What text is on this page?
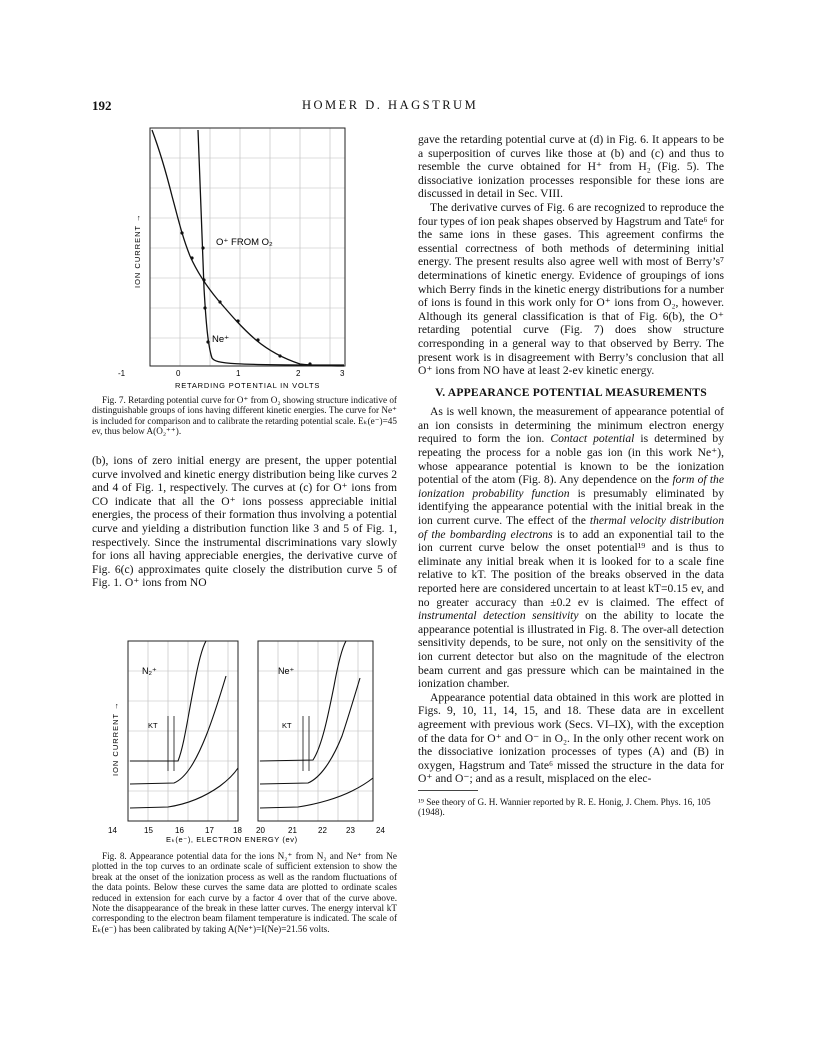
192	HOMER D. HAGSTRUM
O⁺ FROM O₂
Ne⁺
ION CURRENT →
-1	0	1	2	3
RETARDING POTENTIAL IN VOLTS

Fig. 7. Retarding potential curve for O⁺ from O₂ showing structure indicative of distinguishable groups of ions having different kinetic energies. The curve for Ne⁺ is included for comparison and to calibrate the retarding potential scale. Eₖ(e⁻)=45 ev, thus below A(O₂⁺⁺).

(b), ions of zero initial energy are present, the upper potential curve involved and kinetic energy distribution being like curves 2 and 4 of Fig. 1, respectively. The curves at (c) for O⁺ ions from CO indicate that all the O⁺ ions possess appreciable initial energies, the process of their formation thus involving a potential curve and yielding a distribution function like 3 and 5 of Fig. 1, respectively. Since the instrumental discriminations vary slowly for ions all having appreciable energies, the derivative curve of Fig. 6(c) approximates quite closely the distribution curve 5 of Fig. 1. O⁺ ions from NO

KT	KT
N₂⁺	Ne⁺
ION CURRENT →
14	15	16	17 18 20	21	22 23	24
Eₖ(e⁻), ELECTRON ENERGY (ev)

Fig. 8. Appearance potential data for the ions N₂⁺ from N₂ and Ne⁺ from Ne plotted in the top curves to an ordinate scale of sufficient extension to show the break at the onset of the ionization process as well as the random fluctuations of the data points. Below these curves the same data are plotted to ordinate scales reduced in extension for each curve by a factor 4 over that of the curve above. Note the disappearance of the break in these latter curves. The energy interval kT corresponding to the electron beam filament temperature is indicated. The scale of Eₖ(e⁻) has been calibrated by taking A(Ne⁺)=I(Ne)=21.56 volts.

gave the retarding potential curve at (d) in Fig. 6. It appears to be a superposition of curves like those at (b) and (c) and thus to resemble the curve obtained for H⁺ from H₂ (Fig. 5). The dissociative ionization processes responsible for these ions are discussed in detail in Sec. VIII.

The derivative curves of Fig. 6 are recognized to reproduce the four types of ion peak shapes observed by Hagstrum and Tate⁶ for the same ions in these gases. This agreement confirms the essential correctness of both methods of determining initial energy. The present results also agree well with most of Berry’s⁷ determinations of kinetic energy. Evidence of groupings of ions which Berry finds in the kinetic energy distributions for a number of ions is found in this work only for O⁺ ions from O₂, however. Although its general classification is that of Fig. 6(b), the O⁺ retarding potential curve (Fig. 7) does show structure corresponding in a general way to that observed by Berry. The present work is in disagreement with Berry’s conclusion that all O⁺ ions from NO have at least 2-ev kinetic energy.

V. APPEARANCE POTENTIAL MEASUREMENTS

As is well known, the measurement of appearance potential of an ion consists in determining the minimum electron energy required to form the ion. Contact potential is determined by repeating the process for a noble gas ion (in this work Ne⁺), whose appearance potential is known to be the ionization potential of the atom (Fig. 8). Any dependence on the form of the ionization probability function is presumably eliminated by identifying the appearance potential with the initial break in the ion current curve. The effect of the thermal velocity distribution of the bombarding electrons is to add an exponential tail to the ion current curve below the onset potential¹⁹ and is thus to eliminate any initial break when it is looked for to a scale fine relative to kT. The position of the breaks observed in the data reported here are considered uncertain to at least kT=0.15 ev, and no greater accuracy than ±0.2 ev is claimed. The effect of instrumental detection sensitivity on the ability to locate the appearance potential is illustrated in Fig. 8. The over-all detection sensitivity depends, to be sure, not only on the sensitivity of the ion current detector but also on the magnitude of the electron beam current and gas pressure which can be maintained in the ionization chamber.

Appearance potential data obtained in this work are plotted in Figs. 9, 10, 11, 14, 15, and 18. These data are in excellent agreement with previous work (Secs. VI–IX), with the exception of the data for O⁺ and O⁻ in O₂. In the only other recent work on the dissociative ionization processes of types (A) and (B) in oxygen, Hagstrum and Tate⁶ missed the structure in the data for O⁺ and O⁻; and as a result, misplaced on the elec-

¹⁹ See theory of G. H. Wannier reported by R. E. Honig, J. Chem. Phys. 16, 105 (1948).
